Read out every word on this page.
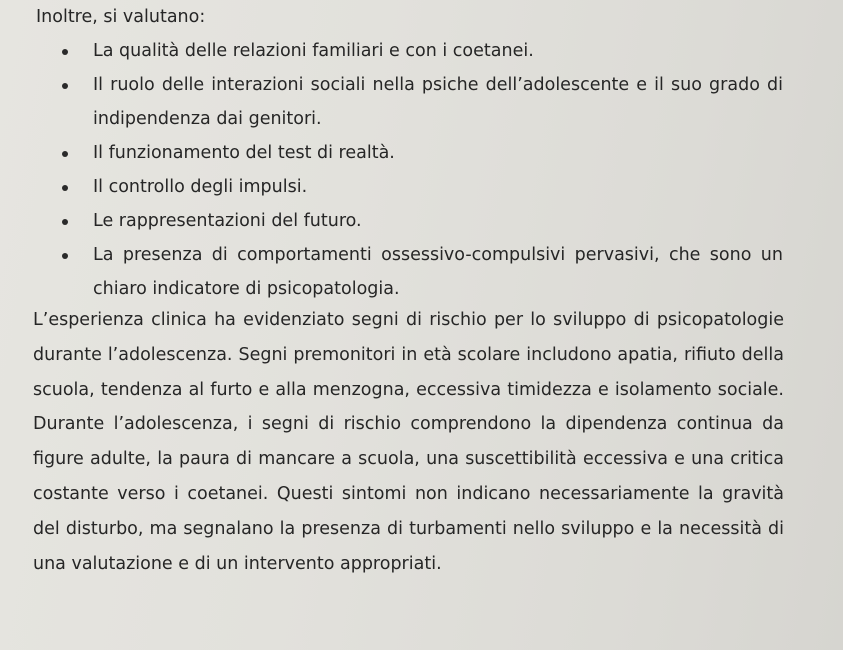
Inoltre, si valutano:
La qualità delle relazioni familiari e con i coetanei.
Il ruolo delle interazioni sociali nella psiche dell’adolescente e il suo grado di indipendenza dai genitori.
Il funzionamento del test di realtà.
Il controllo degli impulsi.
Le rappresentazioni del futuro.
La presenza di comportamenti ossessivo-compulsivi pervasivi, che sono un chiaro indicatore di psicopatologia.

L’esperienza clinica ha evidenziato segni di rischio per lo sviluppo di psicopatologie durante l’adolescenza. Segni premonitori in età scolare includono apatia, rifiuto della scuola, tendenza al furto e alla menzogna, eccessiva timidezza e isolamento sociale. Durante l’adolescenza, i segni di rischio comprendono la dipendenza continua da figure adulte, la paura di mancare a scuola, una suscettibilità eccessiva e una critica costante verso i coetanei. Questi sintomi non indicano necessariamente la gravità del disturbo, ma segnalano la presenza di turbamenti nello sviluppo e la necessità di una valutazione e di un intervento appropriati.
